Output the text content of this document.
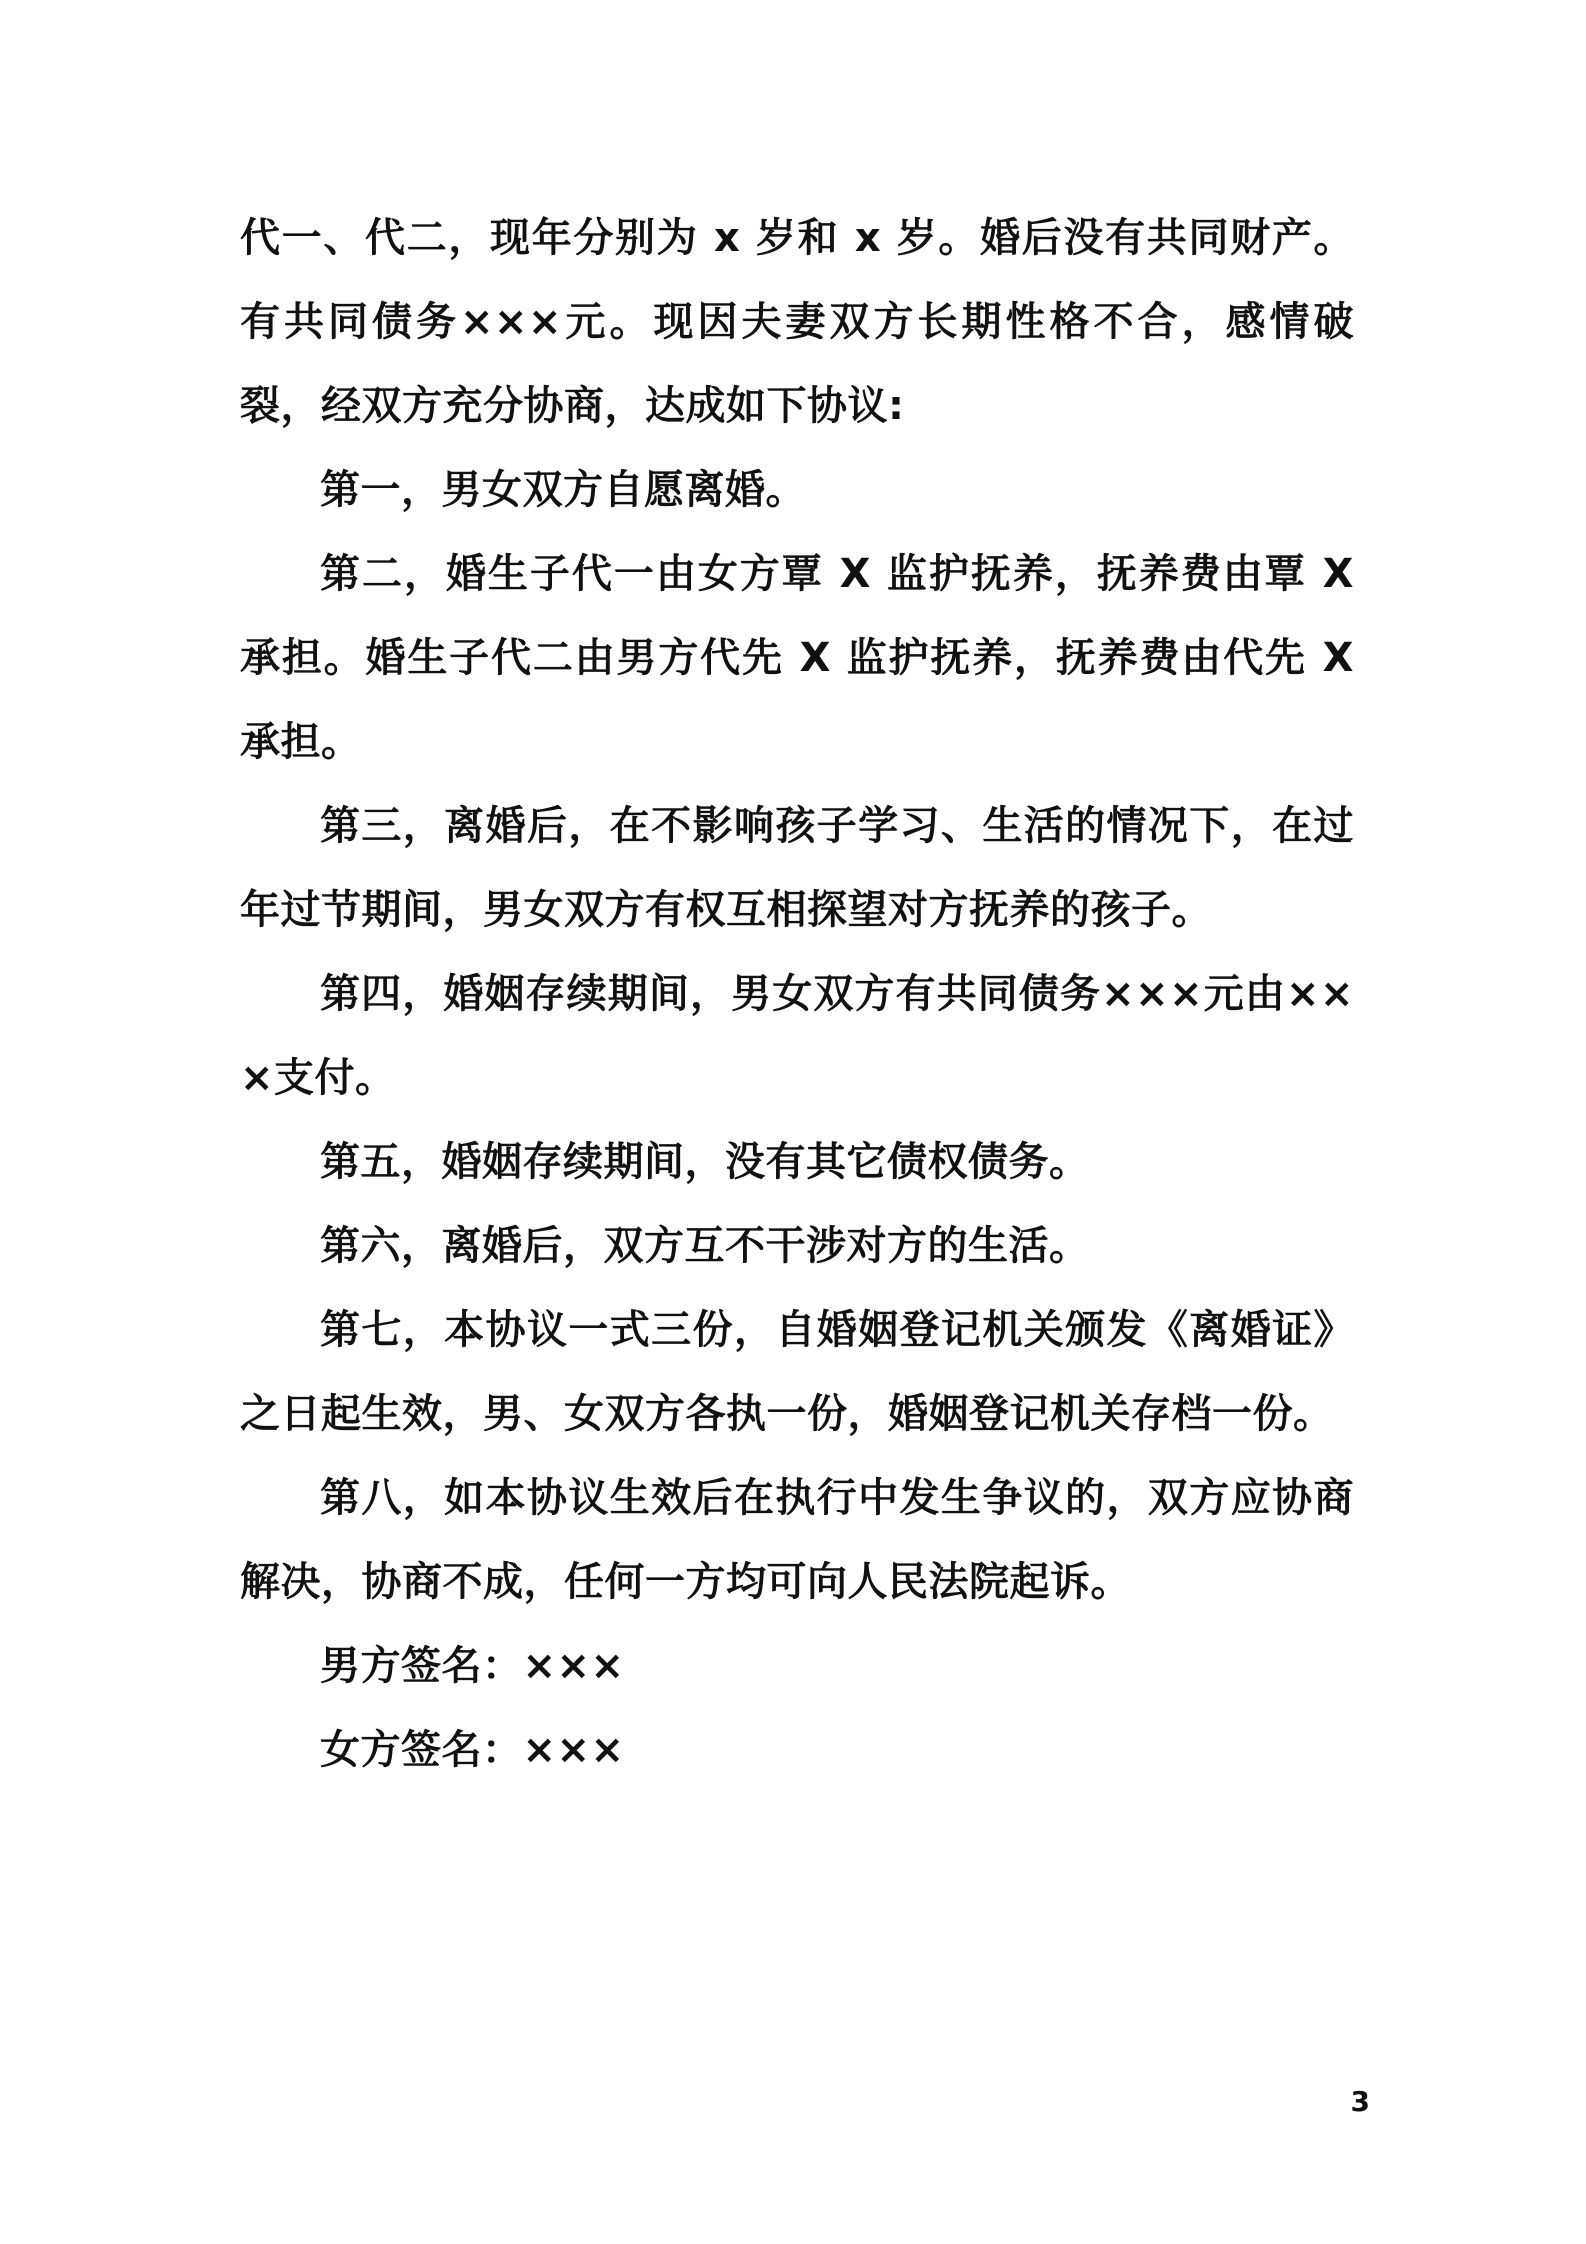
代一、代二，现年分别为 x 岁和 x 岁。婚后没有共同财产。有共同债务×××元。现因夫妻双方长期性格不合，感情破裂，经双方充分协商，达成如下协议:

第一，男女双方自愿离婚。

第二，婚生子代一由女方覃 X 监护抚养，抚养费由覃 X 承担。婚生子代二由男方代先 X 监护抚养，抚养费由代先 X 承担。

第三，离婚后，在不影响孩子学习、生活的情况下，在过年过节期间，男女双方有权互相探望对方抚养的孩子。

第四，婚姻存续期间，男女双方有共同债务×××元由×××支付。

第五，婚姻存续期间，没有其它债权债务。

第六，离婚后，双方互不干涉对方的生活。

第七，本协议一式三份，自婚姻登记机关颁发《离婚证》之日起生效，男、女双方各执一份，婚姻登记机关存档一份。

第八，如本协议生效后在执行中发生争议的，双方应协商解决，协商不成，任何一方均可向人民法院起诉。

男方签名：×××

女方签名：×××

3
